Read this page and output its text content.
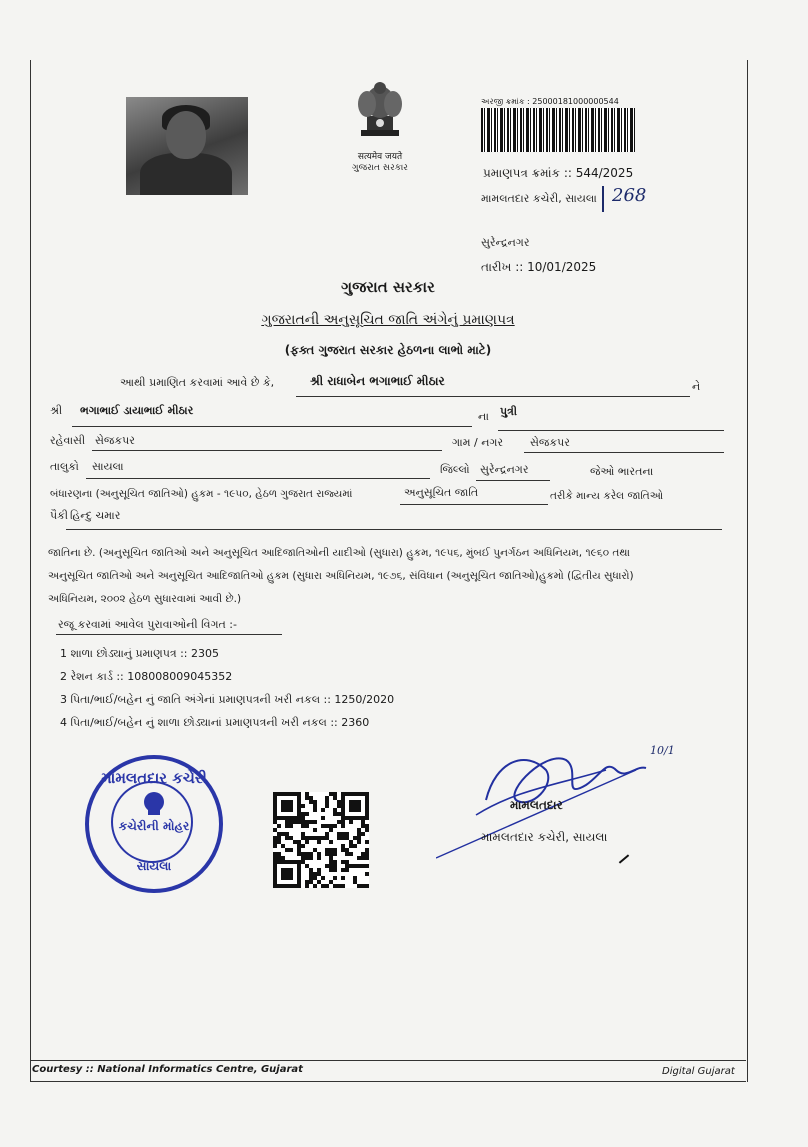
सत्यमेव जयते
ગુજરાત સરકાર
અરજી ક્રમાંક : 25000181000000544
પ્રમાણપત્ર ક્રમાંક :: 544/2025
મામલતદાર કચેરી, સાયલા 268
સુરેન્દ્રનગર
તારીખ :: 10/01/2025
ગુજરાત સરકાર
ગુજરાતની અનુસૂચિત જાતિ અંગેનું પ્રમાણપત્ર
(ફક્ત ગુજરાત સરકાર હેઠળના લાભો માટે)
આથી પ્રમાણિત કરવામાં આવે છે કે,	શ્રી રાધાબેન ભગાભાઈ મીઠાર	ને
શ્રી ભગાભાઈ ડાયાભાઈ મીઠાર	ના પુત્રી
રહેવાસી સેજકપર	ગામ / નગર સેજકપર
તાલુકો સાયલા	જિલ્લો સુરેન્દ્રનગર	જેઓ ભારતના
બંધારણના (અનુસૂચિત જાતિઓ) હુકમ - ૧૯૫૦, હેઠળ ગુજરાત રાજ્યમાં	અનુસૂચિત જાતિ	તરીકે માન્ય કરેલ જાતિઓ
પૈકી હિન્દુ ચમાર
જાતિના છે. (અનુસૂચિત જાતિઓ અને અનુસૂચિત આદિજાતિઓની યાદીઓ (સુધારા) હુકમ, ૧૯૫૬, મુંબઈ પુનર્ગઠન અધિનિયમ, ૧૯૬૦ તથા
અનુસૂચિત જાતિઓ અને અનુસૂચિત આદિજાતિઓ હુકમ (સુધારા અધિનિયમ, ૧૯૭૬, સંવિધાન (અનુસૂચિત જાતિઓ)હુકમો (દ્વિતીય સુધારો)
અધિનિયમ, ૨૦૦૨ હેઠળ સુધારવામાં આવી છે.)
રજૂ કરવામાં આવેલ પુરાવાઓની વિગત :-
1 શાળા છોડ્યાનું પ્રમાણપત્ર :: 2305
2 રેશન કાર્ડ :: 108008009045352
3 પિતા/ભાઈ/બહેન નું જાતિ અંગેનાં પ્રમાણપત્રની ખરી નકલ :: 1250/2020
4 પિતા/ભાઈ/બહેન નું શાળા છોડ્યાનાં પ્રમાણપત્રની ખરી નકલ :: 2360
મામલતદાર કચેરી
કચેરીની મોહર
સાયલા
10/1
મામલતદાર
મામલતદાર કચેરી, સાયલા
Courtesy :: National Informatics Centre, Gujarat	Digital Gujarat
